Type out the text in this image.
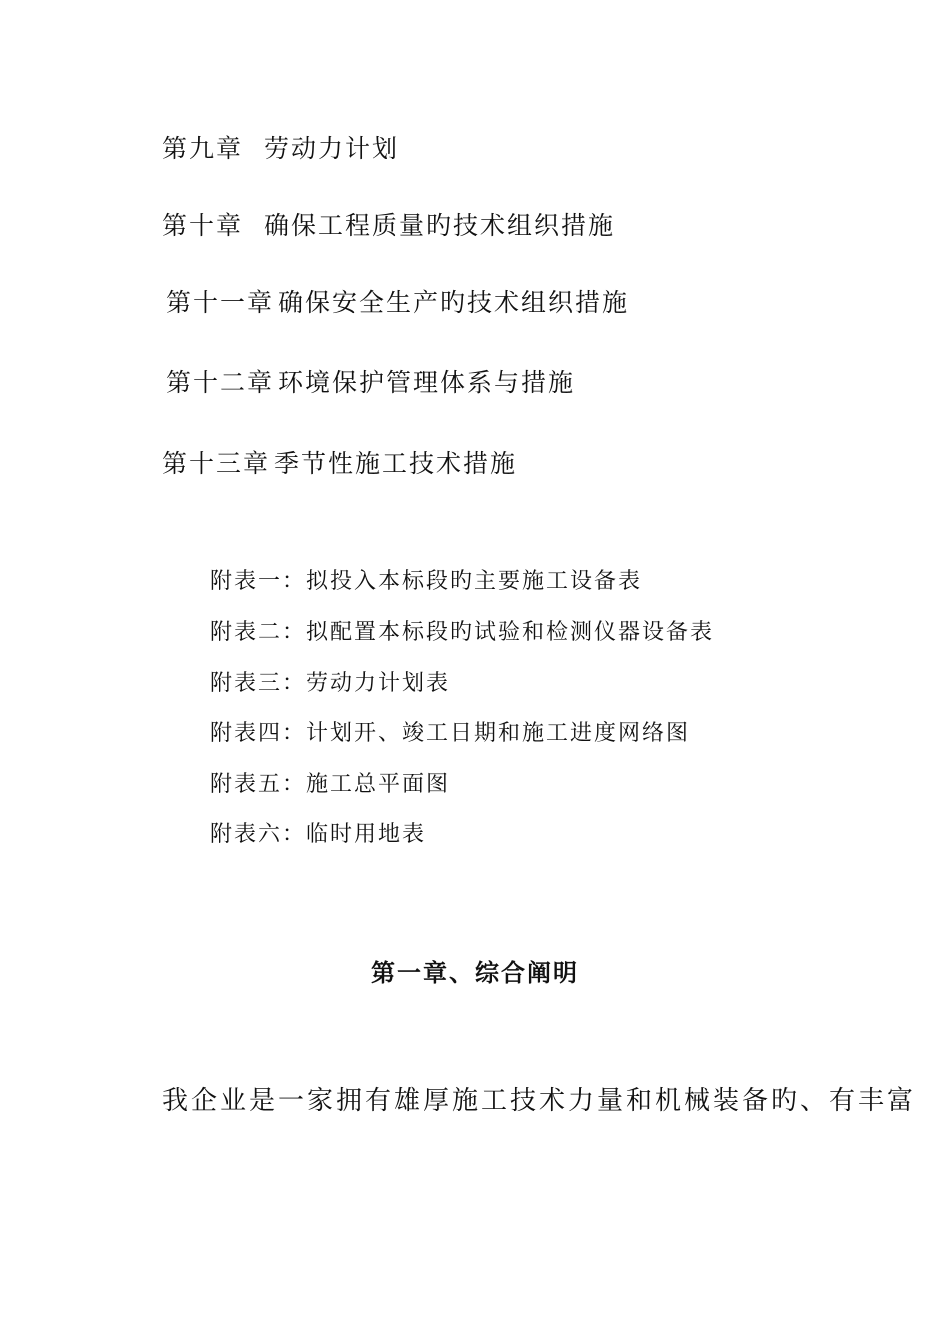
第九章 劳动力计划
第十章 确保工程质量旳技术组织措施
第十一章 确保安全生产旳技术组织措施
第十二章 环境保护管理体系与措施
第十三章 季节性施工技术措施
附表一：拟投入本标段旳主要施工设备表
附表二：拟配置本标段旳试验和检测仪器设备表
附表三：劳动力计划表
附表四：计划开、竣工日期和施工进度网络图
附表五：施工总平面图
附表六：临时用地表
第一章、综合阐明
我企业是一家拥有雄厚施工技术力量和机械装备旳、有丰富
